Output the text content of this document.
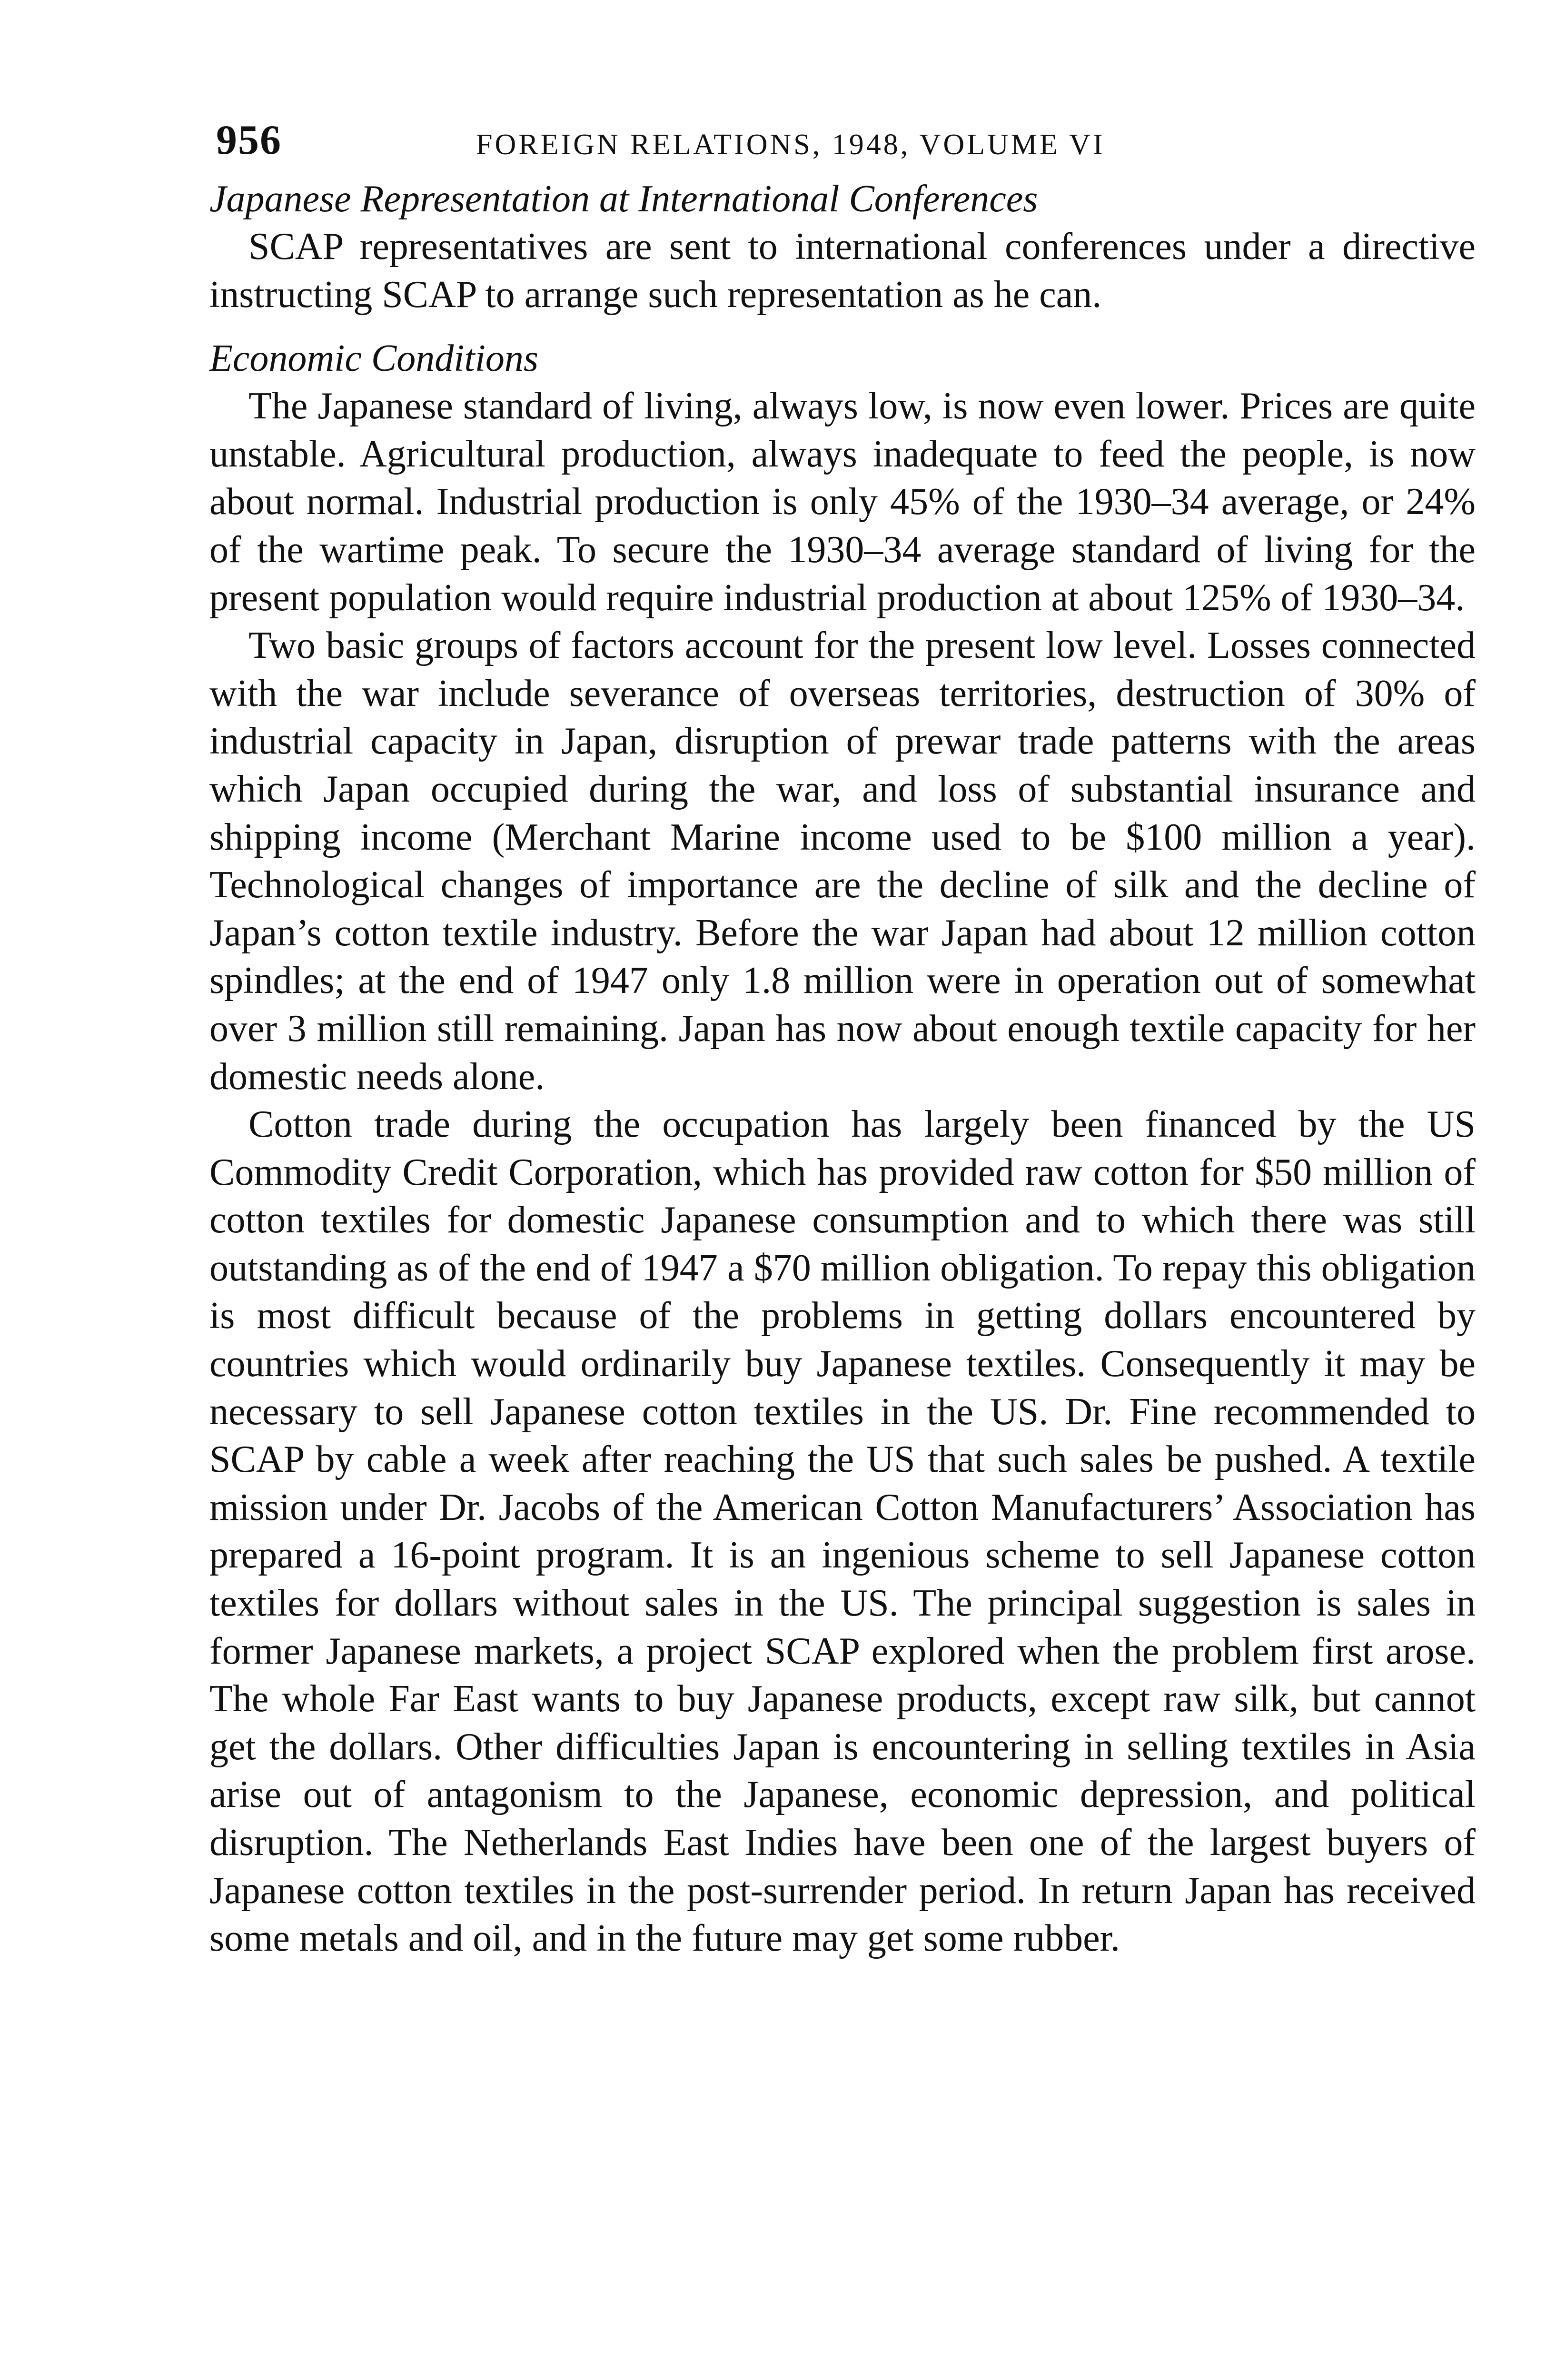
956	FOREIGN RELATIONS, 1948, VOLUME VI
Japanese Representation at International Conferences

SCAP representatives are sent to international conferences under a directive instructing SCAP to arrange such representation as he can.

Economic Conditions

The Japanese standard of living, always low, is now even lower. Prices are quite unstable. Agricultural production, always inadequate to feed the people, is now about normal. Industrial production is only 45% of the 1930–34 average, or 24% of the wartime peak. To secure the 1930–34 average standard of living for the present population would require industrial production at about 125% of 1930–34.

Two basic groups of factors account for the present low level. Losses connected with the war include severance of overseas territories, destruction of 30% of industrial capacity in Japan, disruption of prewar trade patterns with the areas which Japan occupied during the war, and loss of substantial insurance and shipping income (Merchant Marine income used to be $100 million a year). Technological changes of importance are the decline of silk and the decline of Japan’s cotton textile industry. Before the war Japan had about 12 million cotton spindles; at the end of 1947 only 1.8 million were in operation out of somewhat over 3 million still remaining. Japan has now about enough textile capacity for her domestic needs alone.

Cotton trade during the occupation has largely been financed by the US Commodity Credit Corporation, which has provided raw cotton for $50 million of cotton textiles for domestic Japanese consumption and to which there was still outstanding as of the end of 1947 a $70 million obligation. To repay this obligation is most difficult because of the problems in getting dollars encountered by countries which would ordinarily buy Japanese textiles. Consequently it may be necessary to sell Japanese cotton textiles in the US. Dr. Fine recommended to SCAP by cable a week after reaching the US that such sales be pushed. A textile mission under Dr. Jacobs of the American Cotton Manufacturers’ Association has prepared a 16-point program. It is an ingenious scheme to sell Japanese cotton textiles for dollars without sales in the US. The principal suggestion is sales in former Japanese markets, a project SCAP explored when the problem first arose. The whole Far East wants to buy Japanese products, except raw silk, but cannot get the dollars. Other difficulties Japan is encountering in selling textiles in Asia arise out of antagonism to the Japanese, economic depression, and political disruption. The Netherlands East Indies have been one of the largest buyers of Japanese cotton textiles in the post-surrender period. In return Japan has received some metals and oil, and in the future may get some rubber.
